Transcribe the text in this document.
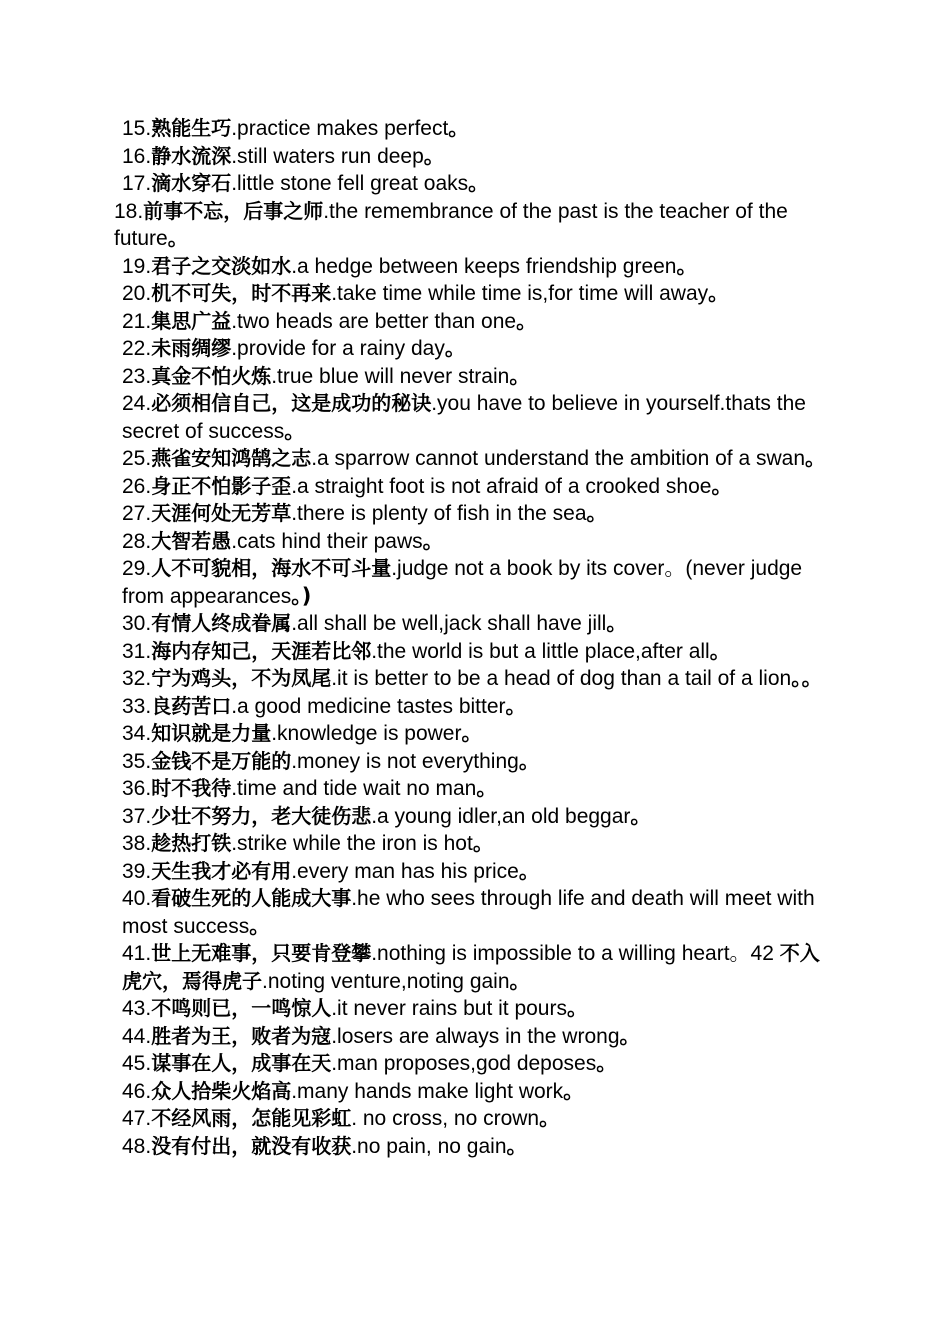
15.熟能生巧.practice makes perfect。
16.静水流深.still waters run deep。
17.滴水穿石.little stone fell great oaks。
18.前事不忘，后事之师.the remembrance of the past is the teacher of the future。
19.君子之交淡如水.a hedge between keeps friendship green。
20.机不可失，时不再来.take time while time is,for time will away。
21.集思广益.two heads are better than one。
22.未雨绸缪.provide for a rainy day。
23.真金不怕火炼.true blue will never strain。
24.必须相信自己，这是成功的秘诀.you have to believe in yourself.thats the secret of success。
25.燕雀安知鸿鹄之志.a sparrow cannot understand the ambition of a swan。
26.身正不怕影子歪.a straight foot is not afraid of a crooked shoe。
27.天涯何处无芳草.there is plenty of fish in the sea。
28.大智若愚.cats hind their paws。
29.人不可貌相，海水不可斗量.judge not a book by its cover。(never judge from appearances。)
30.有情人终成眷属.all shall be well,jack shall have jill。
31.海内存知己，天涯若比邻.the world is but a little place,after all。
32.宁为鸡头，不为凤尾.it is better to be a head of dog than a tail of a lion。。
33.良药苦口.a good medicine tastes bitter。
34.知识就是力量.knowledge is power。
35.金钱不是万能的.money is not everything。
36.时不我待.time and tide wait no man。
37.少壮不努力，老大徒伤悲.a young idler,an old beggar。
38.趁热打铁.strike while the iron is hot。
39.天生我才必有用.every man has his price。
40.看破生死的人能成大事.he who sees through life and death will meet with most success。
41.世上无难事，只要肯登攀.nothing is impossible to a willing heart。42 不入虎穴，焉得虎子.noting venture,noting gain。
43.不鸣则已，一鸣惊人.it never rains but it pours。
44.胜者为王，败者为寇.losers are always in the wrong。
45.谋事在人，成事在天.man proposes,god deposes。
46.众人拾柴火焰高.many hands make light work。
47.不经风雨，怎能见彩虹. no cross, no crown。
48.没有付出，就没有收获.no pain, no gain。
